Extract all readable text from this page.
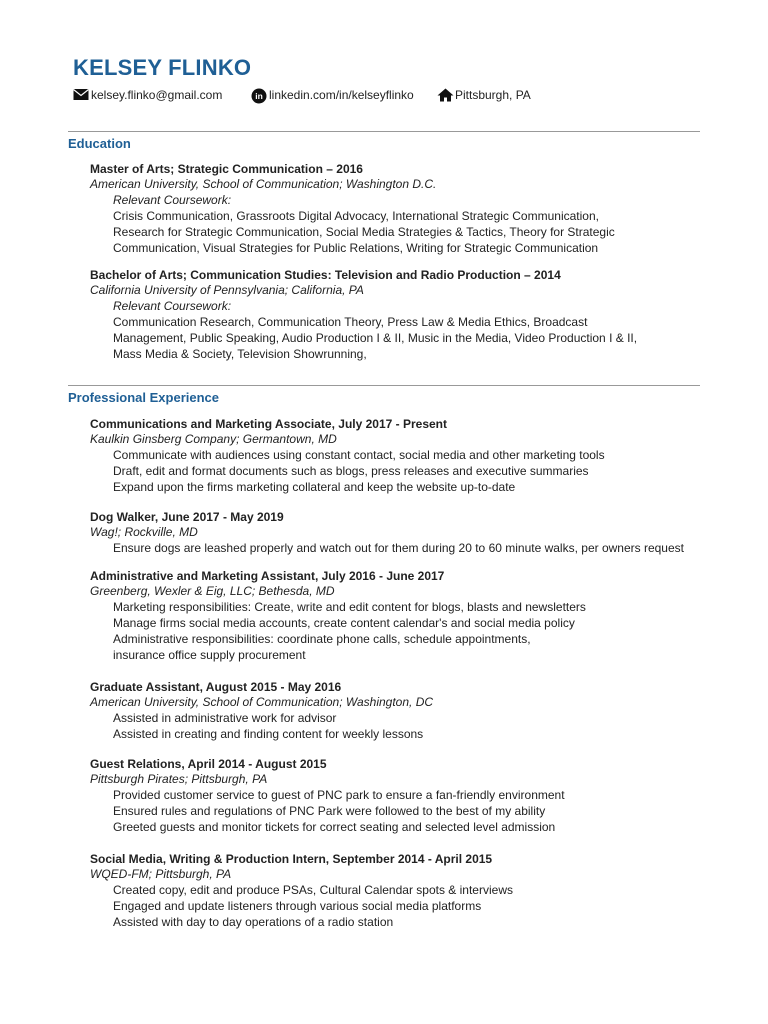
KELSEY FLINKO
kelsey.flinko@gmail.com	in linkedin.com/in/kelseyflinko	Pittsburgh, PA
Education
Master of Arts; Strategic Communication – 2016
American University, School of Communication; Washington D.C.
Relevant Coursework:
Crisis Communication, Grassroots Digital Advocacy, International Strategic Communication,
Research for Strategic Communication, Social Media Strategies & Tactics, Theory for Strategic
Communication, Visual Strategies for Public Relations, Writing for Strategic Communication
Bachelor of Arts; Communication Studies: Television and Radio Production – 2014
California University of Pennsylvania; California, PA
Relevant Coursework:
Communication Research, Communication Theory, Press Law & Media Ethics, Broadcast
Management, Public Speaking, Audio Production I & II, Music in the Media, Video Production I & II,
Mass Media & Society, Television Showrunning,
Professional Experience
Communications and Marketing Associate, July 2017 - Present
Kaulkin Ginsberg Company; Germantown, MD
Communicate with audiences using constant contact, social media and other marketing tools
Draft, edit and format documents such as blogs, press releases and executive summaries
Expand upon the firms marketing collateral and keep the website up-to-date
Dog Walker, June 2017 - May 2019
Wag!; Rockville, MD
Ensure dogs are leashed properly and watch out for them during 20 to 60 minute walks, per owners request
Administrative and Marketing Assistant, July 2016 - June 2017
Greenberg, Wexler & Eig, LLC; Bethesda, MD
Marketing responsibilities: Create, write and edit content for blogs, blasts and newsletters
Manage firms social media accounts, create content calendar's and social media policy
Administrative responsibilities: coordinate phone calls, schedule appointments,
insurance office supply procurement
Graduate Assistant, August 2015 - May 2016
American University, School of Communication; Washington, DC
Assisted in administrative work for advisor
Assisted in creating and finding content for weekly lessons
Guest Relations, April 2014 - August 2015
Pittsburgh Pirates; Pittsburgh, PA
Provided customer service to guest of PNC park to ensure a fan-friendly environment
Ensured rules and regulations of PNC Park were followed to the best of my ability
Greeted guests and monitor tickets for correct seating and selected level admission
Social Media, Writing & Production Intern, September 2014 - April 2015
WQED-FM; Pittsburgh, PA
Created copy, edit and produce PSAs, Cultural Calendar spots & interviews
Engaged and update listeners through various social media platforms
Assisted with day to day operations of a radio station
